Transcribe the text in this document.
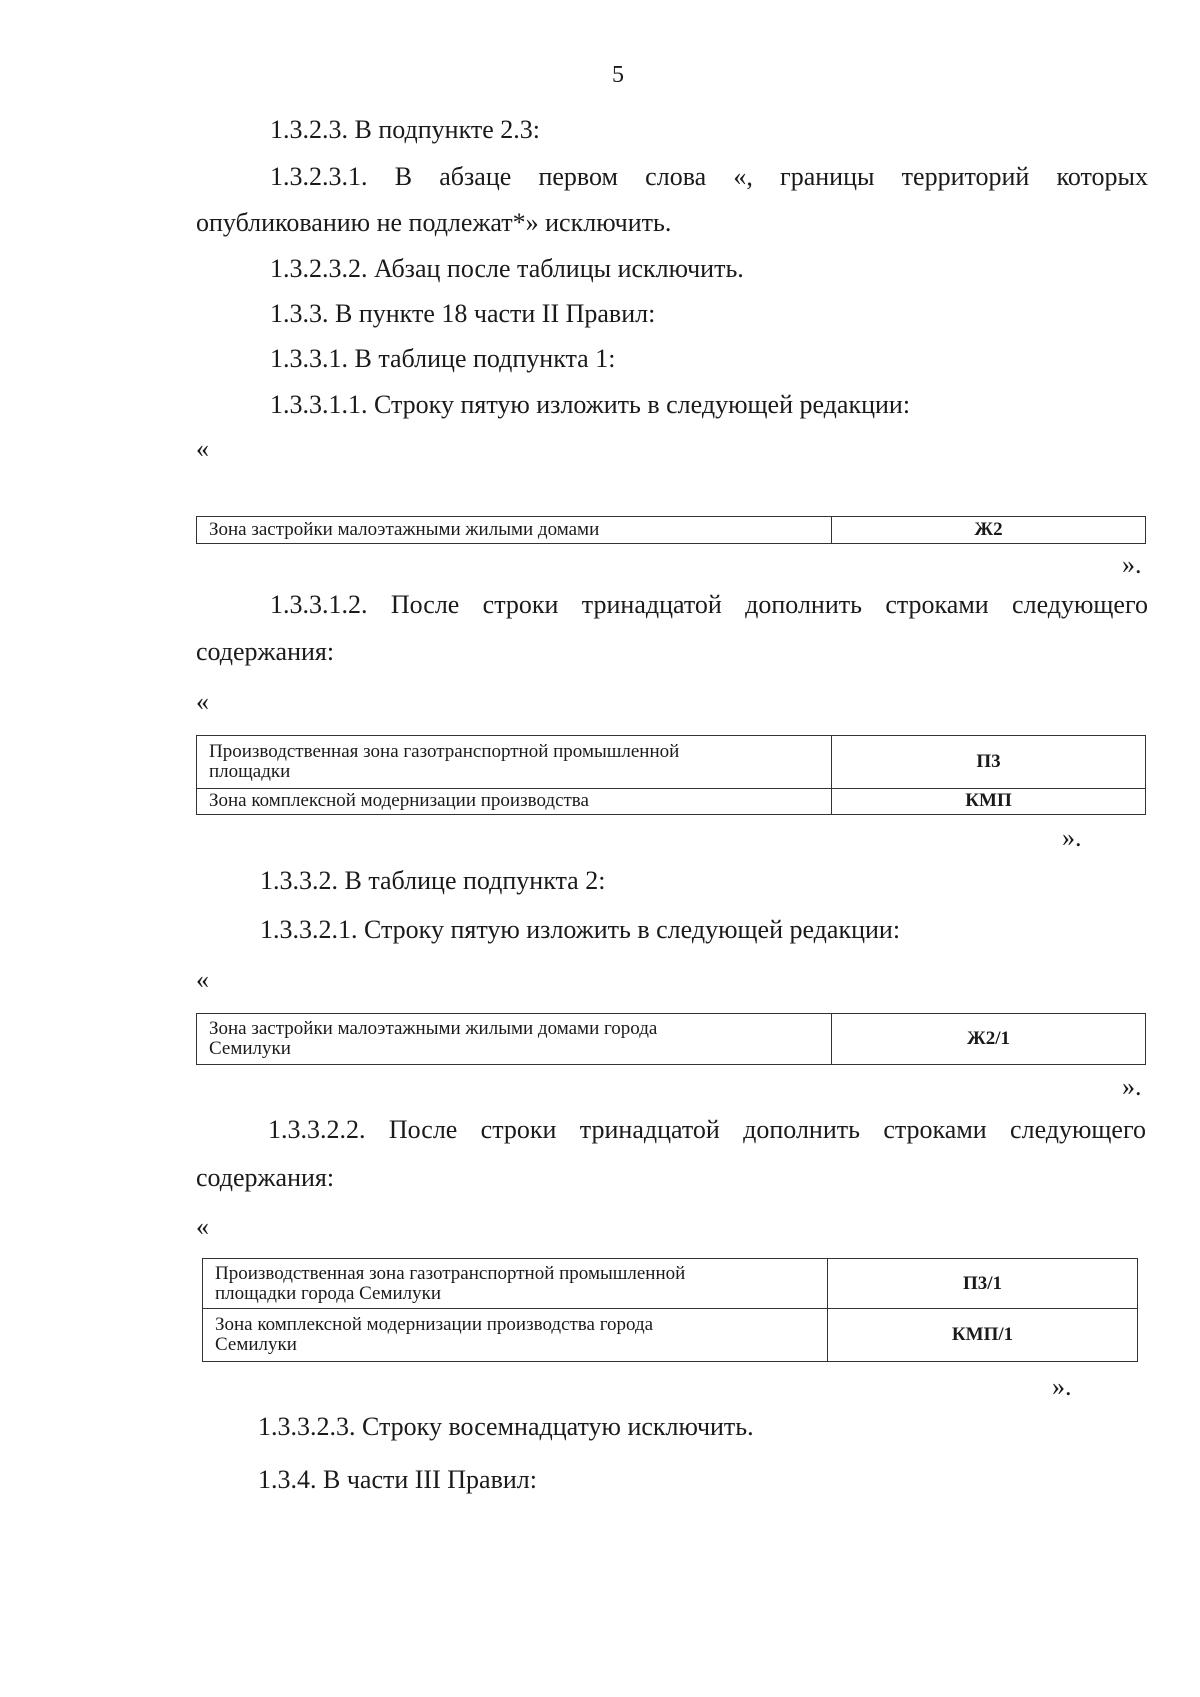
5
1.3.2.3. В подпункте 2.3:
1.3.2.3.1. В абзаце первом слова «, границы территорий которых
опубликованию не подлежат*» исключить.
1.3.2.3.2. Абзац после таблицы исключить.
1.3.3. В пункте 18 части II Правил:
1.3.3.1. В таблице подпункта 1:
1.3.3.1.1. Строку пятую изложить в следующей редакции:
«
Зона застройки малоэтажными жилыми домами	Ж2
».
1.3.3.1.2. После строки тринадцатой дополнить строками следующего
содержания:
«
Производственная зона газотранспортной промышленной
площадки	П3
Зона комплексной модернизации производства	КМП
».
1.3.3.2. В таблице подпункта 2:
1.3.3.2.1. Строку пятую изложить в следующей редакции:
«
Зона застройки малоэтажными жилыми домами города
Семилуки	Ж2/1
».
1.3.3.2.2. После строки тринадцатой дополнить строками следующего
содержания:
«
Производственная зона газотранспортной промышленной
площадки города Семилуки	П3/1
Зона комплексной модернизации производства города
Семилуки	КМП/1
».
1.3.3.2.3. Строку восемнадцатую исключить.
1.3.4. В части III Правил:
